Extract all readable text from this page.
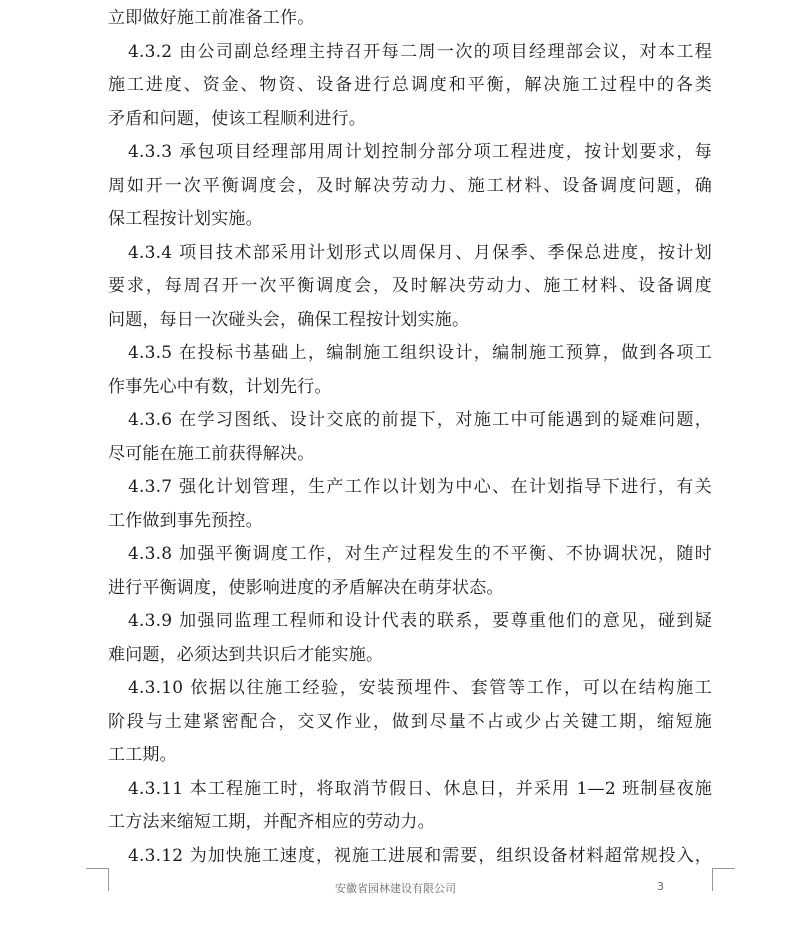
立即做好施工前准备工作。
4.3.2 由公司副总经理主持召开每二周一次的项目经理部会议，对本工程
施工进度、资金、物资、设备进行总调度和平衡，解决施工过程中的各类
矛盾和问题，使该工程顺利进行。
4.3.3 承包项目经理部用周计划控制分部分项工程进度，按计划要求，每
周如开一次平衡调度会，及时解决劳动力、施工材料、设备调度问题，确
保工程按计划实施。
4.3.4 项目技术部采用计划形式以周保月、月保季、季保总进度，按计划
要求，每周召开一次平衡调度会，及时解决劳动力、施工材料、设备调度
问题，每日一次碰头会，确保工程按计划实施。
4.3.5 在投标书基础上，编制施工组织设计，编制施工预算，做到各项工
作事先心中有数，计划先行。
4.3.6 在学习图纸、设计交底的前提下，对施工中可能遇到的疑难问题，
尽可能在施工前获得解决。
4.3.7 强化计划管理，生产工作以计划为中心、在计划指导下进行，有关
工作做到事先预控。
4.3.8 加强平衡调度工作，对生产过程发生的不平衡、不协调状况，随时
进行平衡调度，使影响进度的矛盾解决在萌芽状态。
4.3.9 加强同监理工程师和设计代表的联系，要尊重他们的意见，碰到疑
难问题，必须达到共识后才能实施。
4.3.10 依据以往施工经验，安装预埋件、套管等工作，可以在结构施工
阶段与土建紧密配合，交叉作业，做到尽量不占或少占关键工期，缩短施
工工期。
4.3.11 本工程施工时，将取消节假日、休息日，并采用 1—2 班制昼夜施
工方法来缩短工期，并配齐相应的劳动力。
4.3.12 为加快施工速度，视施工进展和需要，组织设备材料超常规投入，
安徽省园林建设有限公司	3
